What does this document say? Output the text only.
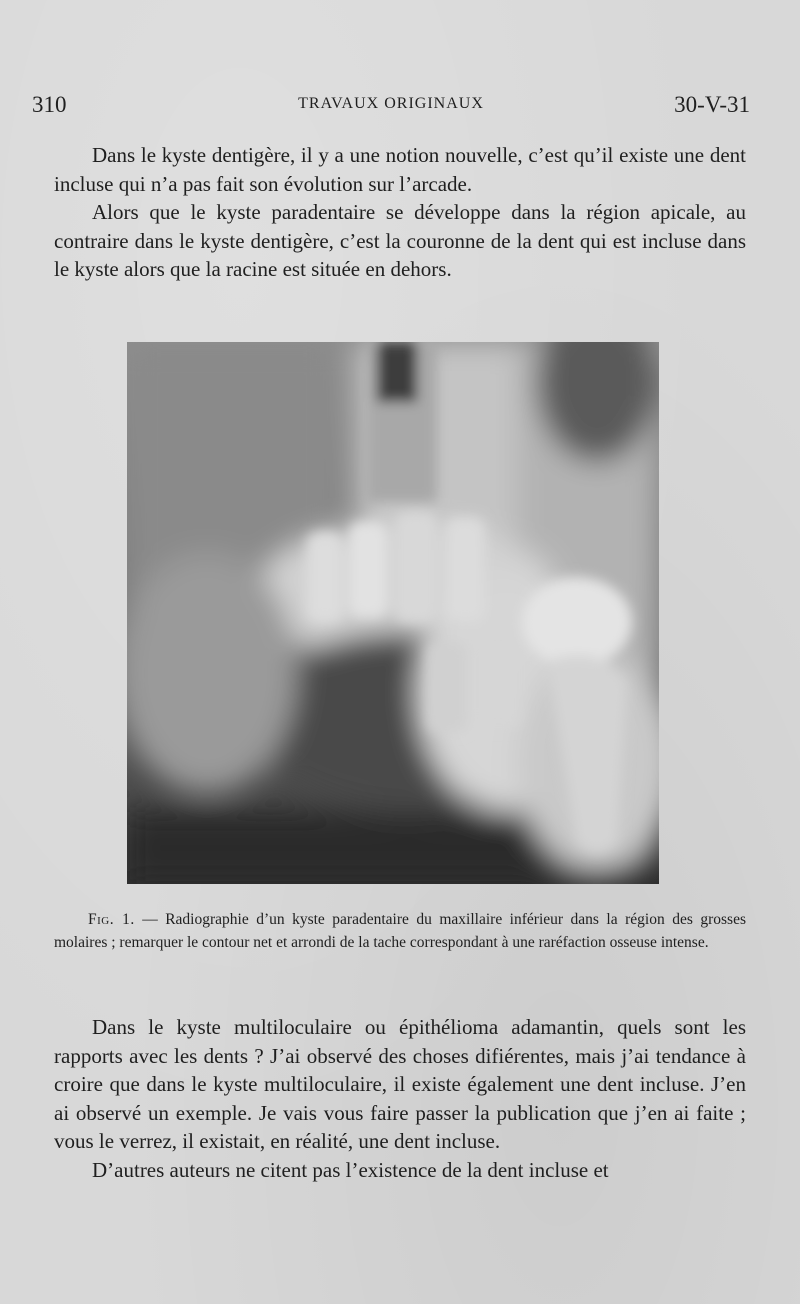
310	TRAVAUX ORIGINAUX	30-V-31

Dans le kyste dentigère, il y a une notion nouvelle, c’est qu’il existe une dent incluse qui n’a pas fait son évolution sur l’arcade.

Alors que le kyste paradentaire se développe dans la région apicale, au contraire dans le kyste dentigère, c’est la couronne de la dent qui est incluse dans le kyste alors que la racine est située en dehors.

Fig. 1. — Radiographie d’un kyste paradentaire du maxillaire inférieur dans la région des grosses molaires ; remarquer le contour net et arrondi de la tache correspondant à une raréfaction osseuse intense.

Dans le kyste multiloculaire ou épithélioma adamantin, quels sont les rapports avec les dents ? J’ai observé des choses difiérentes, mais j’ai tendance à croire que dans le kyste multiloculaire, il existe également une dent incluse. J’en ai observé un exemple. Je vais vous faire passer la publication que j’en ai faite ; vous le verrez, il existait, en réalité, une dent incluse.

D’autres auteurs ne citent pas l’existence de la dent incluse et
